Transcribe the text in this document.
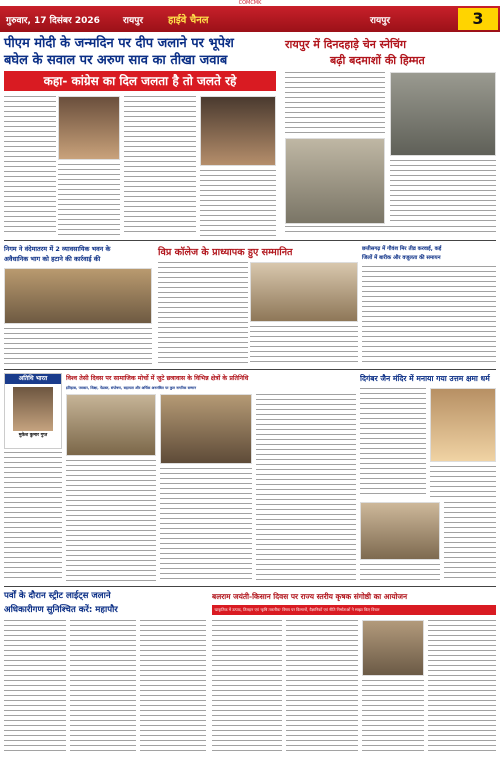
COMCMK
गुरुवार, 17 दिसंबर 2026	रायपुर हाईवे चैनल	रायपुर	3
पीएम मोदी के जन्मदिन पर दीप जलाने पर भूपेश
बघेल के सवाल पर अरुण साव का तीखा जवाब
कहा- कांग्रेस का दिल जलता है तो जलते रहे
रायपुर में दिनदहाड़े चेन स्नेचिंग
बढ़ी बदमाशों की हिम्मत
निगम ने वंदेमातरम में 2 व्यावसायिक भवन के
अवैधानिक भाग को हटाने की कार्रवाई की
विप्र कॉलेज के प्राध्यापक हुए सम्मानित	छत्तीसगढ़ में गौवंश मिर तीव्र करवाई, कई
जिलों में बारीक और वजूलता की समायन
अतिथि भारत
मुकेश कुमार गुप्त
विश्व तेसी दिवस पर सामाजिक मोर्चो में जुटे छत्रावास के विभिन्न क्षेत्रों के प्रतिनिधि
इतिहास, पत्रकार, शिक्षा, पेंडास्त, संपोषण, सहायता और अर्थिक अनलंबित पर कुल नागरिक सम्मान
दिगंबर जैन मंदिर में मनाया गया उत्तम क्षमा धर्म
पर्वों के दौरान स्ट्रीट लाईट्स जलाने
अधिकारीगण सुनिश्चित करें: महापौर
बलराम जयंती-किसान दिवस पर राज्य स्तरीय कृषक संगोष्ठी का आयोजन
'प्राकृतिक में उत्पाद, तिलहन एवं 'कृषि तकनीक' विषय पर किसानों, वैज्ञानिकों एवं नीति निर्माताओं ने साझा किए विचार
